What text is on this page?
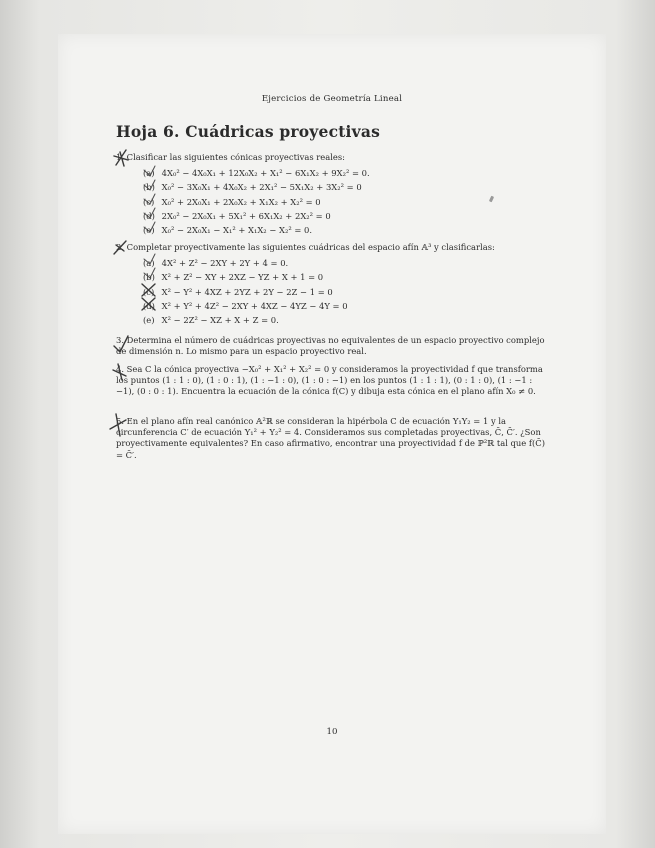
Ejercicios de Geometría Lineal
Hoja 6. Cuádricas proyectivas

1. Clasificar las siguientes cónicas proyectivas reales:

(a) 4X₀² − 4X₀X₁ + 12X₀X₂ + X₁² − 6X₁X₂ + 9X₂² = 0.
(b) X₀² − 3X₀X₁ + 4X₀X₂ + 2X₁² − 5X₁X₂ + 3X₂² = 0
(c) X₀² + 2X₀X₁ + 2X₀X₂ + X₁X₂ + X₂² = 0
(d) 2X₀² − 2X₀X₁ + 5X₁² + 6X₁X₂ + 2X₂² = 0
(e) X₀² − 2X₀X₁ − X₁² + X₁X₂ − X₂² = 0.

2. Completar proyectivamente las siguientes cuádricas del espacio afín 𝔸³ y clasificarlas:

(a) 4X² + Z² − 2XY + 2Y + 4 = 0.
(b) X² + Z² − XY + 2XZ − YZ + X + 1 = 0
(c) X² − Y² + 4XZ + 2YZ + 2Y − 2Z − 1 = 0
(d) X² + Y² + 4Z² − 2XY + 4XZ − 4YZ − 4Y = 0
(e) X² − 2Z² − XZ + X + Z = 0.

3. Determina el número de cuádricas proyectivas no equivalentes de un espacio proyectivo complejo de dimensión n. Lo mismo para un espacio proyectivo real.

4. Sea C la cónica proyectiva −X₀² + X₁² + X₂² = 0 y consideramos la proyectividad f que transforma los puntos (1 : 1 : 0), (1 : 0 : 1), (1 : −1 : 0), (1 : 0 : −1) en los puntos (1 : 1 : 1), (0 : 1 : 0), (1 : −1 : −1), (0 : 0 : 1). Encuentra la ecuación de la cónica f(C) y dibuja esta cónica en el plano afín X₀ ≠ 0.

5. En el plano afín real canónico 𝔸²ℝ se consideran la hipérbola C de ecuación Y₁Y₂ = 1 y la circunferencia C′ de ecuación Y₁² + Y₂² = 4. Consideramos sus completadas proyectivas, C̄, C̄′. ¿Son proyectivamente equivalentes? En caso afirmativo, encontrar una proyectividad f de ℙ²ℝ tal que f(C̄) = C̄′.

10
